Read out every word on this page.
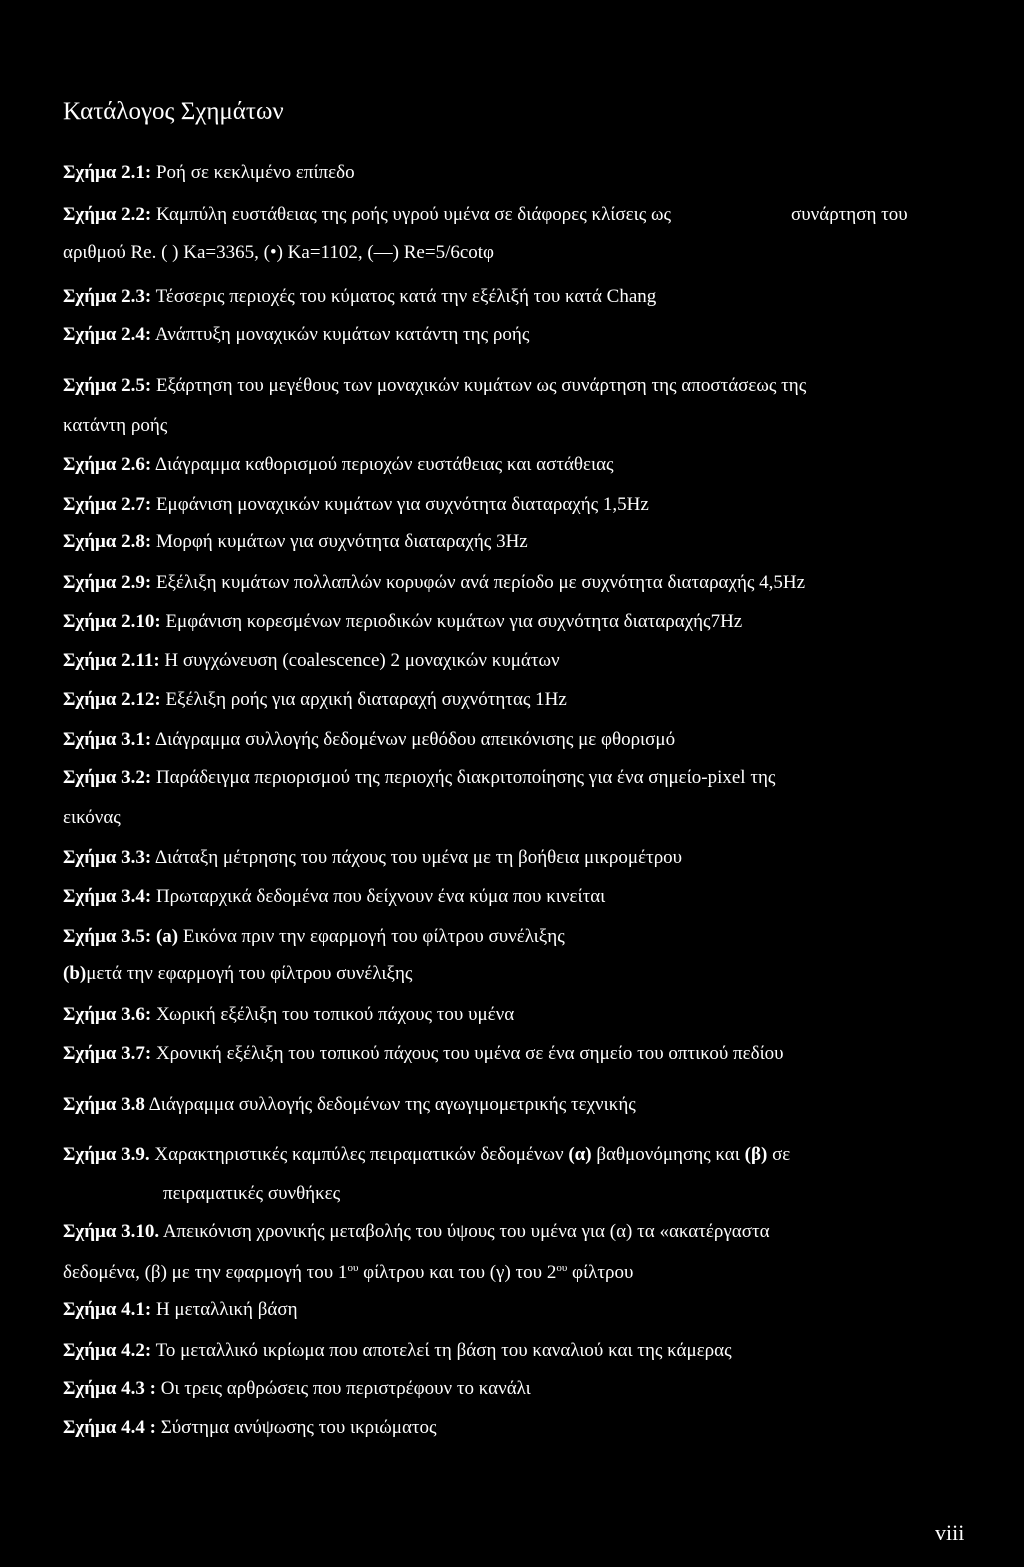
Κατάλογος Σχημάτων
Σχήμα 2.1: Ροή σε κεκλιμένο επίπεδο
Σχήμα 2.2: Καμπύλη ευστάθειας της ροής υγρού υμένα σε διάφορες κλίσεις ως	συνάρτηση του
αριθμού Re. ( ) Ka=3365, (•) Ka=1102, (—) Re=5/6cotφ
Σχήμα 2.3: Τέσσερις περιοχές του κύματος κατά την εξέλιξή του κατά Chang
Σχήμα 2.4: Ανάπτυξη μοναχικών κυμάτων κατάντη της ροής
Σχήμα 2.5: Εξάρτηση του μεγέθους των μοναχικών κυμάτων ως συνάρτηση της αποστάσεως της
κατάντη ροής
Σχήμα 2.6: Διάγραμμα καθορισμού περιοχών ευστάθειας και αστάθειας
Σχήμα 2.7: Εμφάνιση μοναχικών κυμάτων για συχνότητα διαταραχής 1,5Hz
Σχήμα 2.8: Μορφή κυμάτων για συχνότητα διαταραχής 3Hz
Σχήμα 2.9: Εξέλιξη κυμάτων πολλαπλών κορυφών ανά περίοδο με συχνότητα διαταραχής 4,5Hz
Σχήμα 2.10: Εμφάνιση κορεσμένων περιοδικών κυμάτων για συχνότητα διαταραχής7Hz
Σχήμα 2.11: Η συγχώνευση (coalescence) 2 μοναχικών κυμάτων
Σχήμα 2.12: Εξέλιξη ροής για αρχική διαταραχή συχνότητας 1Hz
Σχήμα 3.1: Διάγραμμα συλλογής δεδομένων μεθόδου απεικόνισης με φθορισμό
Σχήμα 3.2: Παράδειγμα περιορισμού της περιοχής διακριτοποίησης για ένα σημείο-pixel της
εικόνας
Σχήμα 3.3: Διάταξη μέτρησης του πάχους του υμένα με τη βοήθεια μικρομέτρου
Σχήμα 3.4: Πρωταρχικά δεδομένα που δείχνουν ένα κύμα που κινείται
Σχήμα 3.5: (a) Εικόνα πριν την εφαρμογή του φίλτρου συνέλιξης
(b)μετά την εφαρμογή του φίλτρου συνέλιξης
Σχήμα 3.6: Χωρική εξέλιξη του τοπικού πάχους του υμένα
Σχήμα 3.7: Χρονική εξέλιξη του τοπικού πάχους του υμένα σε ένα σημείο του οπτικού πεδίου
Σχήμα 3.8 Διάγραμμα συλλογής δεδομένων της αγωγιμομετρικής τεχνικής
Σχήμα 3.9. Χαρακτηριστικές καμπύλες πειραματικών δεδομένων (α) βαθμονόμησης και (β) σε
πειραματικές συνθήκες
Σχήμα 3.10. Απεικόνιση χρονικής μεταβολής του ύψους του υμένα για (α) τα «ακατέργαστα
δεδομένα, (β) με την εφαρμογή του $1^{o\upsilon}$ φίλτρου και του (γ) του $2^{o\upsilon}$ φίλτρου
Σχήμα 4.1: Η μεταλλική βάση
Σχήμα 4.2: Το μεταλλικό ικρίωμα που αποτελεί τη βάση του καναλιού και της κάμερας
Σχήμα 4.3 : Οι τρεις αρθρώσεις που περιστρέφουν το κανάλι
Σχήμα 4.4 : Σύστημα ανύψωσης του ικριώματος
viii
